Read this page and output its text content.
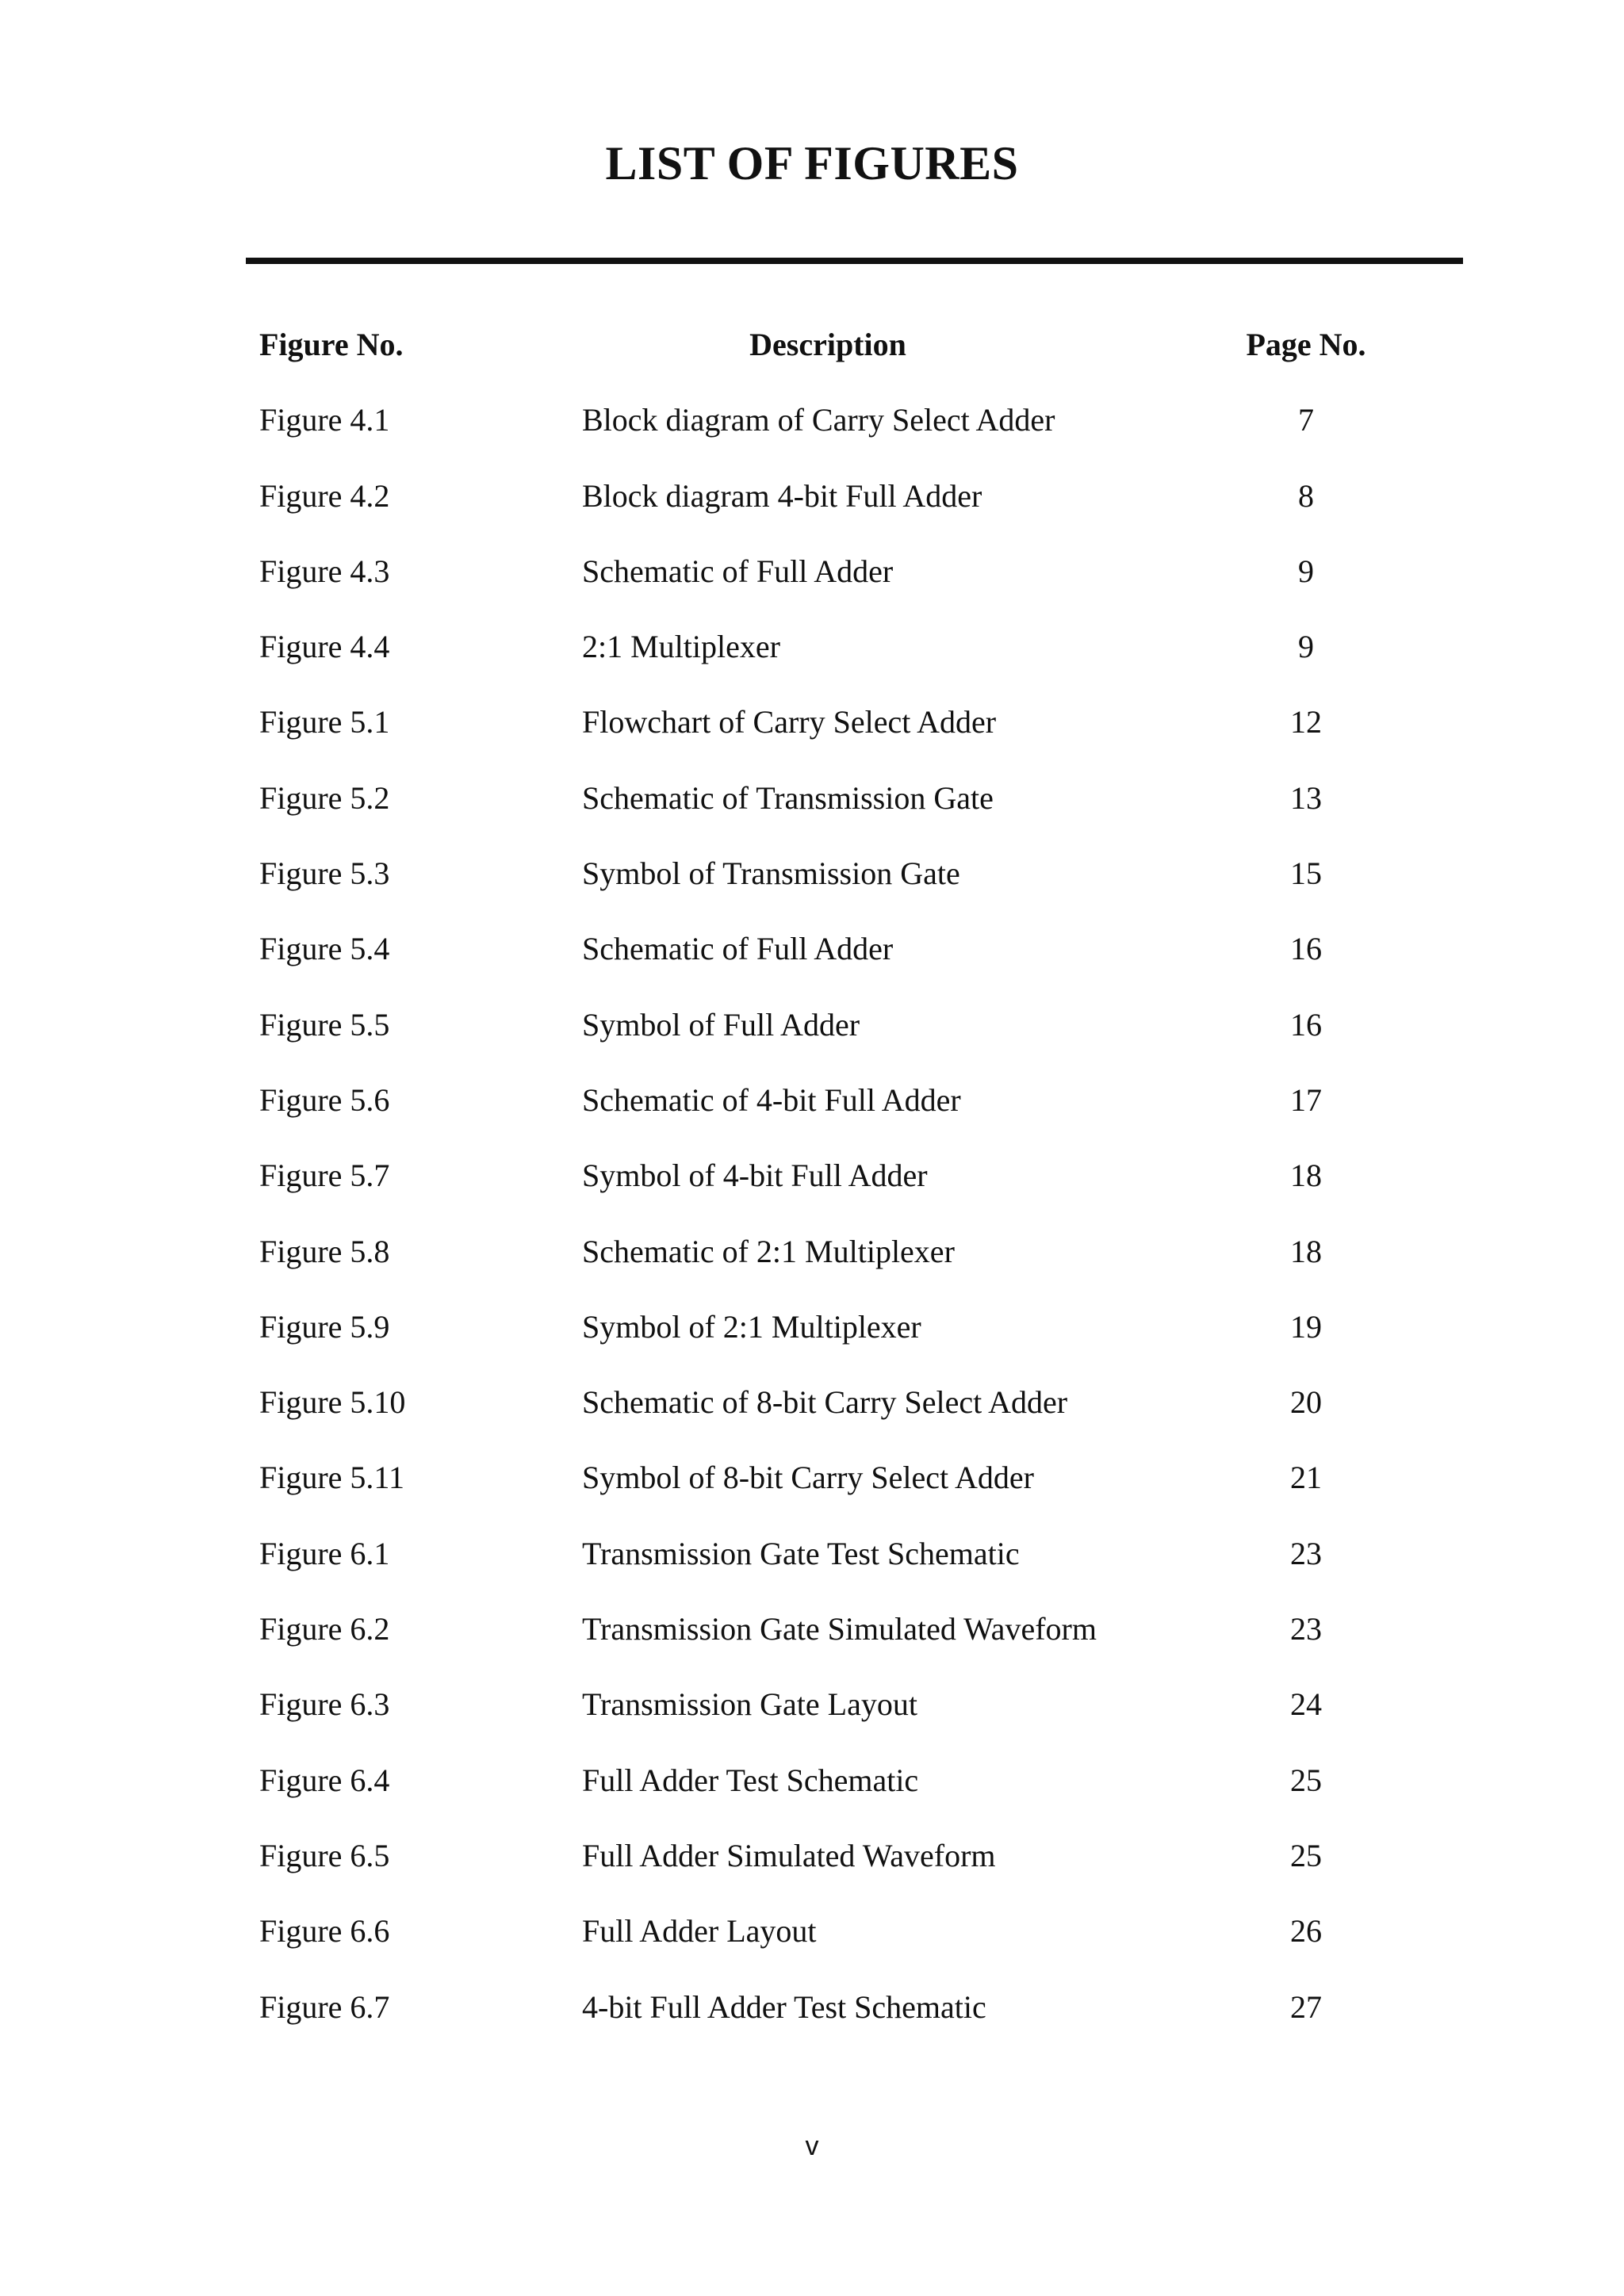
LIST OF FIGURES
Figure No.	Description	Page No.
Figure 4.1	Block diagram of Carry Select Adder	7
Figure 4.2	Block diagram 4-bit Full Adder	8
Figure 4.3	Schematic of Full Adder	9
Figure 4.4	2:1 Multiplexer	9
Figure 5.1	Flowchart of Carry Select Adder	12
Figure 5.2	Schematic of Transmission Gate	13
Figure 5.3	Symbol of Transmission Gate	15
Figure 5.4	Schematic of Full Adder	16
Figure 5.5	Symbol of Full Adder	16
Figure 5.6	Schematic of 4-bit Full Adder	17
Figure 5.7	Symbol of 4-bit Full Adder	18
Figure 5.8	Schematic of 2:1 Multiplexer	18
Figure 5.9	Symbol of 2:1 Multiplexer	19
Figure 5.10	Schematic of 8-bit Carry Select Adder	20
Figure 5.11	Symbol of 8-bit Carry Select Adder	21
Figure 6.1	Transmission Gate Test Schematic	23
Figure 6.2	Transmission Gate Simulated Waveform	23
Figure 6.3	Transmission Gate Layout	24
Figure 6.4	Full Adder Test Schematic	25
Figure 6.5	Full Adder Simulated Waveform	25
Figure 6.6	Full Adder Layout	26
Figure 6.7	4-bit Full Adder Test Schematic	27
v
